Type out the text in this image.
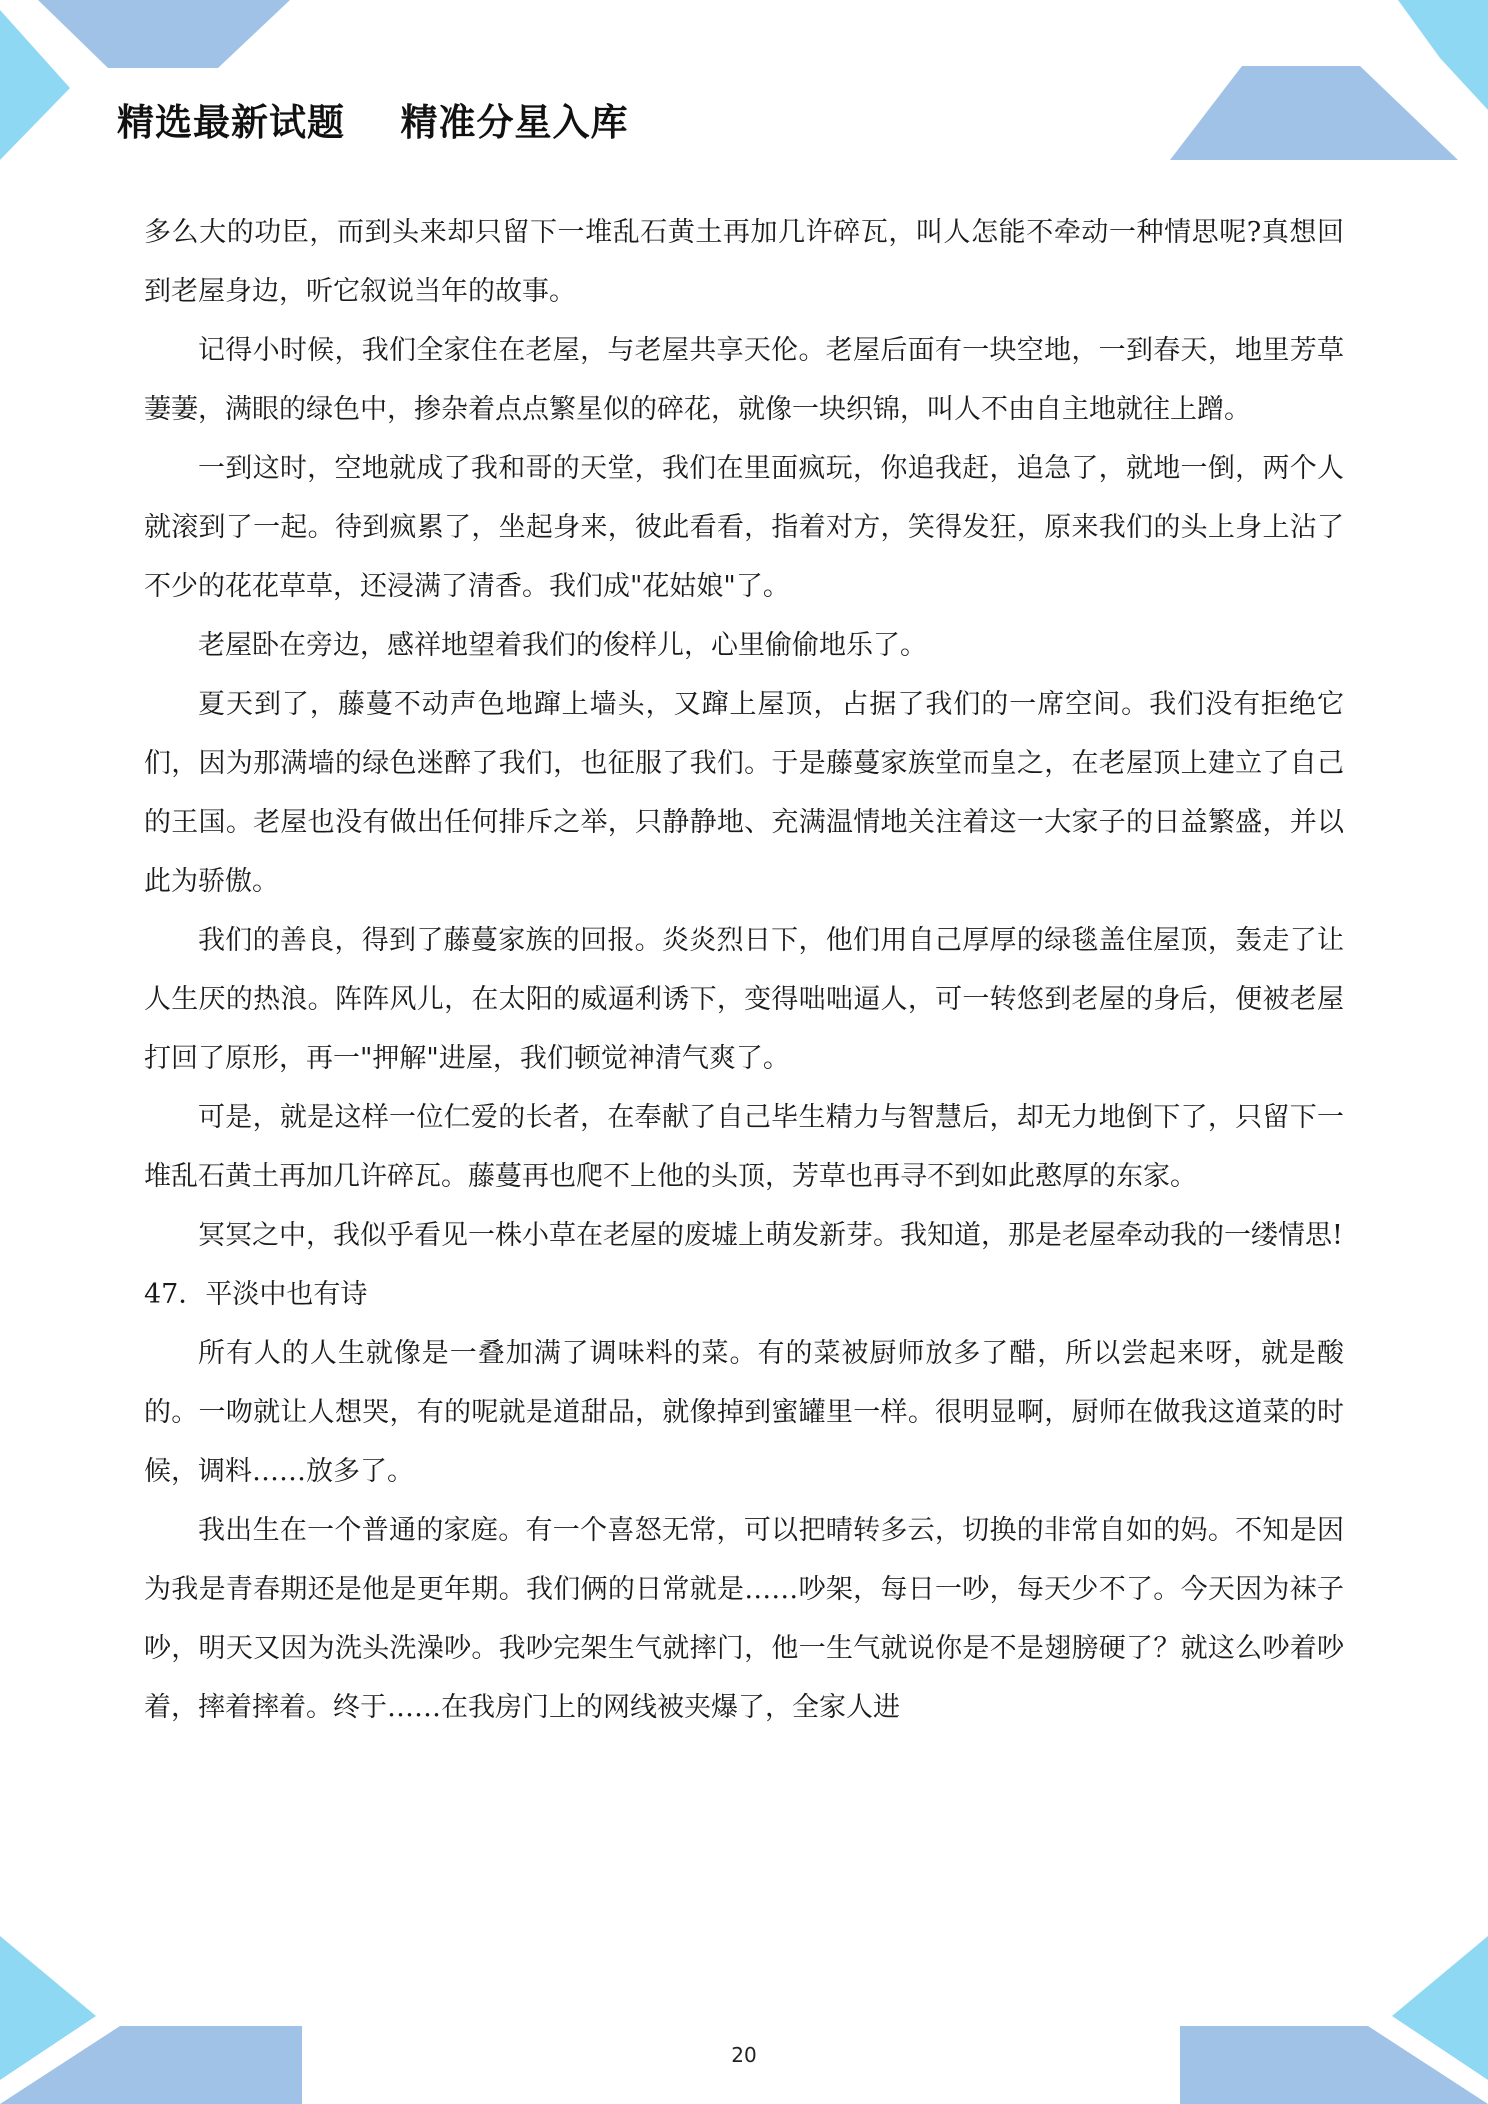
精选最新试题    精准分星入库

多么大的功臣，而到头来却只留下一堆乱石黄土再加几许碎瓦，叫人怎能不牵动一种情思呢?真想回到老屋身边，听它叙说当年的故事。

记得小时候，我们全家住在老屋，与老屋共享天伦。老屋后面有一块空地，一到春天，地里芳草萋萋，满眼的绿色中，掺杂着点点繁星似的碎花，就像一块织锦，叫人不由自主地就往上蹭。

一到这时，空地就成了我和哥的天堂，我们在里面疯玩，你追我赶，追急了，就地一倒，两个人就滚到了一起。待到疯累了，坐起身来，彼此看看，指着对方，笑得发狂，原来我们的头上身上沾了不少的花花草草，还浸满了清香。我们成"花姑娘"了。

老屋卧在旁边，感祥地望着我们的俊样儿，心里偷偷地乐了。

夏天到了，藤蔓不动声色地蹿上墙头，又蹿上屋顶，占据了我们的一席空间。我们没有拒绝它们，因为那满墙的绿色迷醉了我们，也征服了我们。于是藤蔓家族堂而皇之，在老屋顶上建立了自己的王国。老屋也没有做出任何排斥之举，只静静地、充满温情地关注着这一大家子的日益繁盛，并以此为骄傲。

我们的善良，得到了藤蔓家族的回报。炎炎烈日下，他们用自己厚厚的绿毯盖住屋顶，轰走了让人生厌的热浪。阵阵风儿，在太阳的威逼利诱下，变得咄咄逼人，可一转悠到老屋的身后，便被老屋打回了原形，再一"押解"进屋，我们顿觉神清气爽了。

可是，就是这样一位仁爱的长者，在奉献了自己毕生精力与智慧后，却无力地倒下了，只留下一堆乱石黄土再加几许碎瓦。藤蔓再也爬不上他的头顶，芳草也再寻不到如此憨厚的东家。

冥冥之中，我似乎看见一株小草在老屋的废墟上萌发新芽。我知道，那是老屋牵动我的一缕情思!

47．平淡中也有诗

所有人的人生就像是一叠加满了调味料的菜。有的菜被厨师放多了醋，所以尝起来呀，就是酸的。一吻就让人想哭，有的呢就是道甜品，就像掉到蜜罐里一样。很明显啊，厨师在做我这道菜的时候，调料……放多了。

我出生在一个普通的家庭。有一个喜怒无常，可以把晴转多云，切换的非常自如的妈。不知是因为我是青春期还是他是更年期。我们俩的日常就是……吵架，每日一吵，每天少不了。今天因为袜子吵，明天又因为洗头洗澡吵。我吵完架生气就摔门，他一生气就说你是不是翅膀硬了？就这么吵着吵着，摔着摔着。终于……在我房门上的网线被夹爆了，全家人进

20
